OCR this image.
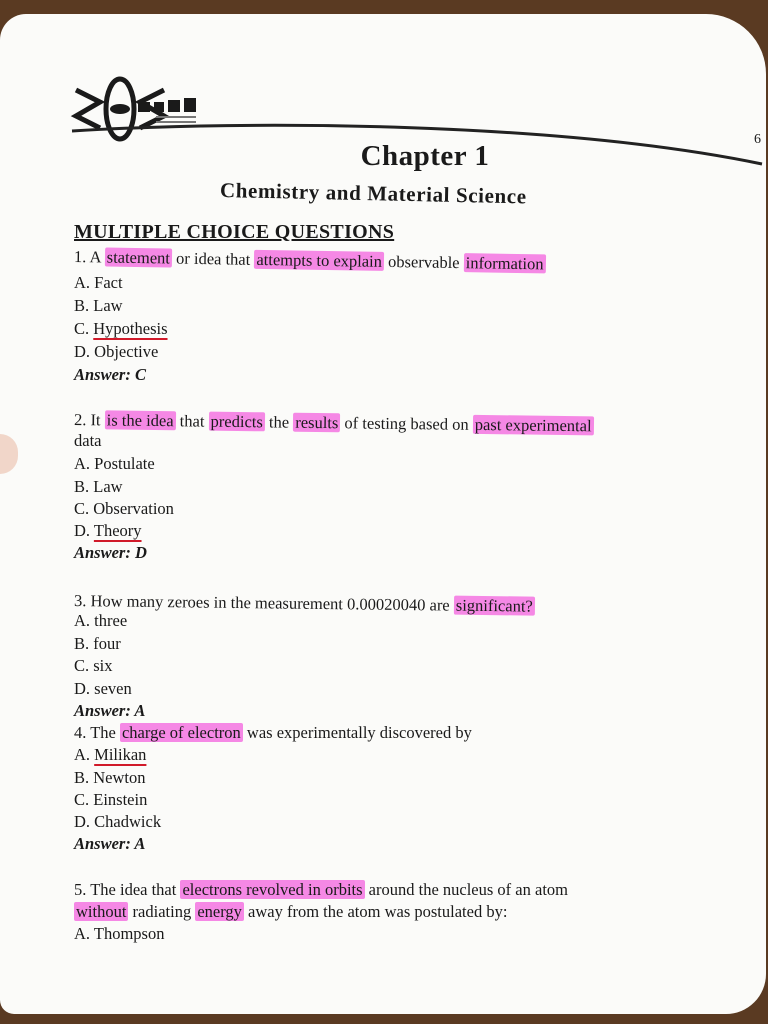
6
Chapter 1
Chemistry and Material Science
MULTIPLE CHOICE QUESTIONS
1. A statement or idea that attempts to explain observable information
A. Fact
B. Law
C. Hypothesis
D. Objective
Answer: C
2. It is the idea that predicts the results of testing based on past experimental
data
A. Postulate
B. Law
C. Observation
D. Theory
Answer: D
3. How many zeroes in the measurement 0.00020040 are significant?
A. three
B. four
C. six
D. seven
Answer: A
4. The charge of electron was experimentally discovered by
A. Milikan
B. Newton
C. Einstein
D. Chadwick
Answer: A
5. The idea that electrons revolved in orbits around the nucleus of an atom
without radiating energy away from the atom was postulated by:
A. Thompson
